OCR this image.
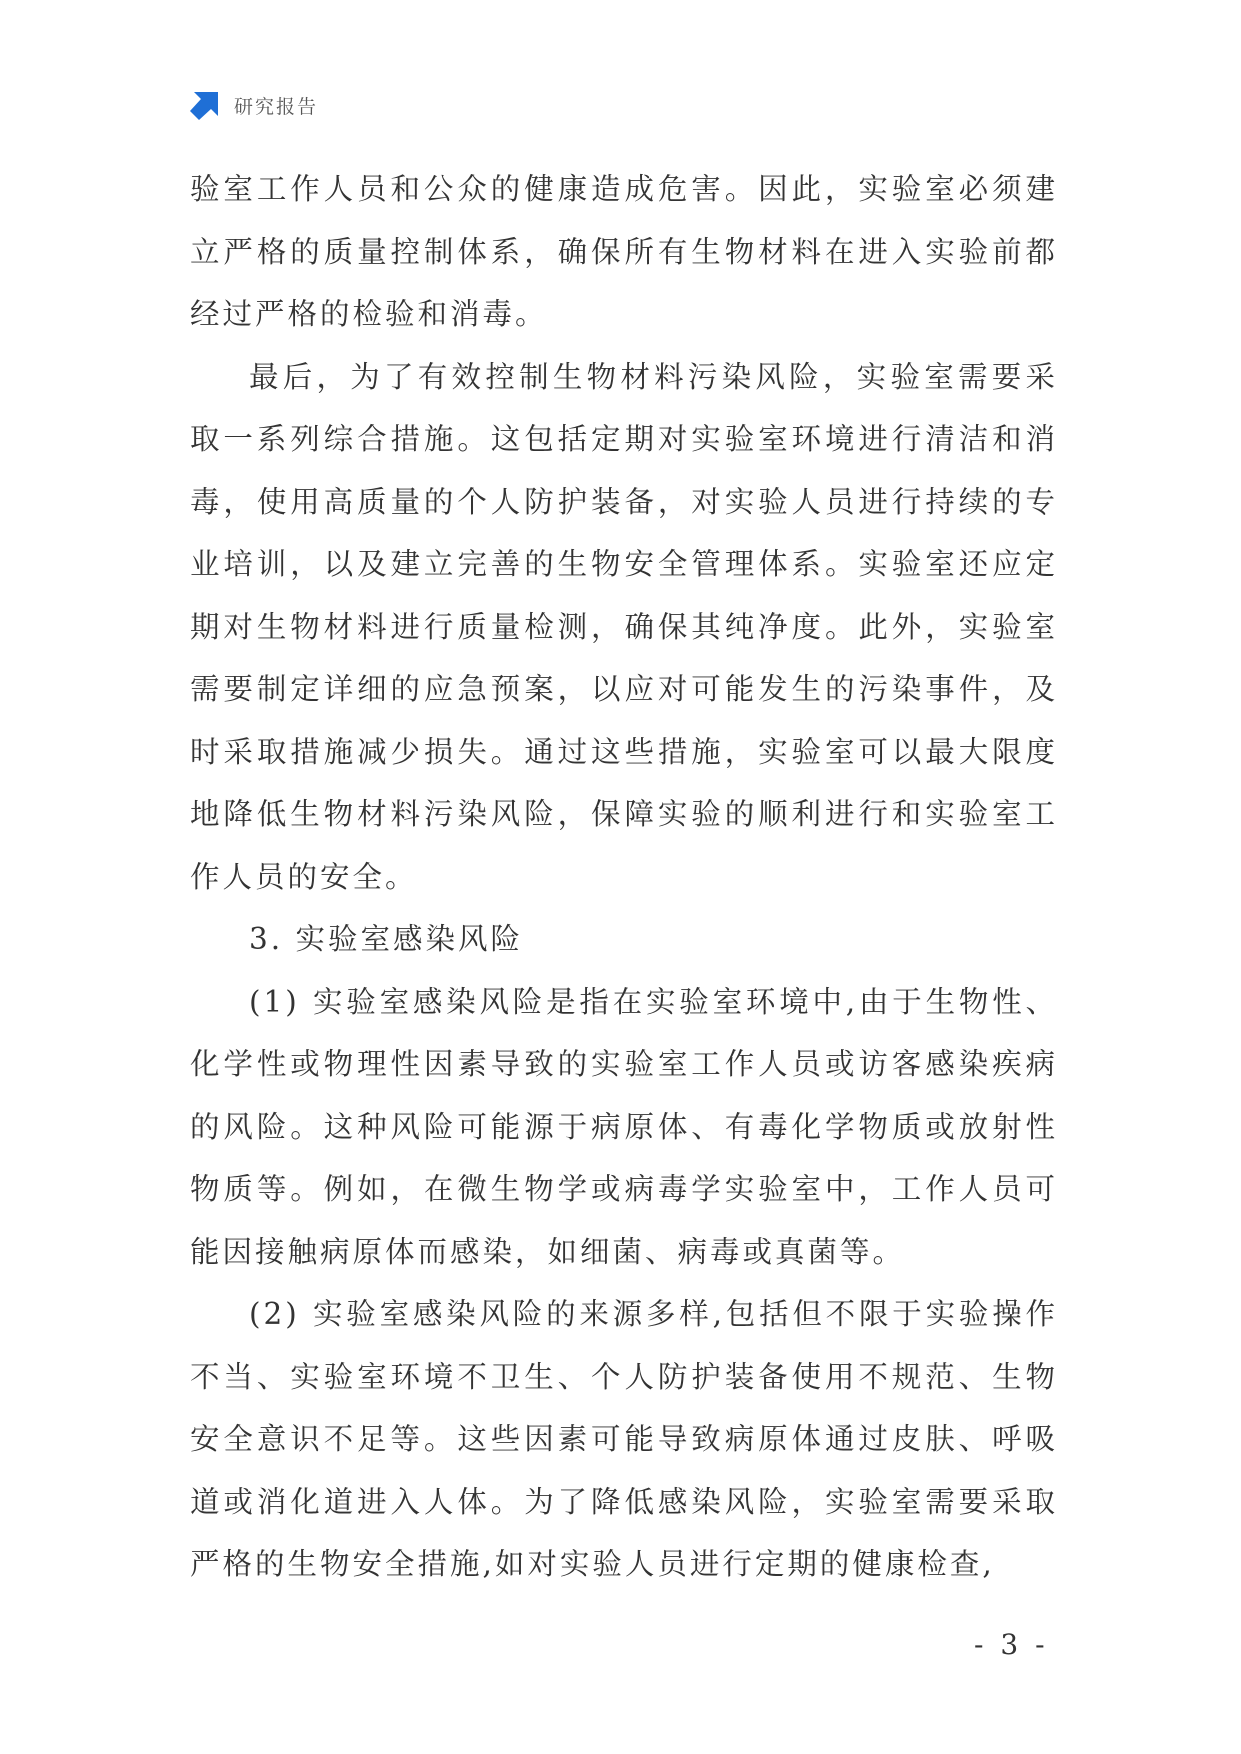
研究报告

验室工作人员和公众的健康造成危害。因此，实验室必须建立严格的质量控制体系，确保所有生物材料在进入实验前都经过严格的检验和消毒。

最后，为了有效控制生物材料污染风险，实验室需要采取一系列综合措施。这包括定期对实验室环境进行清洁和消毒，使用高质量的个人防护装备，对实验人员进行持续的专业培训，以及建立完善的生物安全管理体系。实验室还应定期对生物材料进行质量检测，确保其纯净度。此外，实验室需要制定详细的应急预案，以应对可能发生的污染事件，及时采取措施减少损失。通过这些措施，实验室可以最大限度地降低生物材料污染风险，保障实验的顺利进行和实验室工作人员的安全。

3. 实验室感染风险

(1) 实验室感染风险是指在实验室环境中,由于生物性、化学性或物理性因素导致的实验室工作人员或访客感染疾病的风险。这种风险可能源于病原体、有毒化学物质或放射性物质等。例如，在微生物学或病毒学实验室中，工作人员可能因接触病原体而感染，如细菌、病毒或真菌等。

(2) 实验室感染风险的来源多样,包括但不限于实验操作不当、实验室环境不卫生、个人防护装备使用不规范、生物安全意识不足等。这些因素可能导致病原体通过皮肤、呼吸道或消化道进入人体。为了降低感染风险，实验室需要采取严格的生物安全措施,如对实验人员进行定期的健康检查,

- 3 -
